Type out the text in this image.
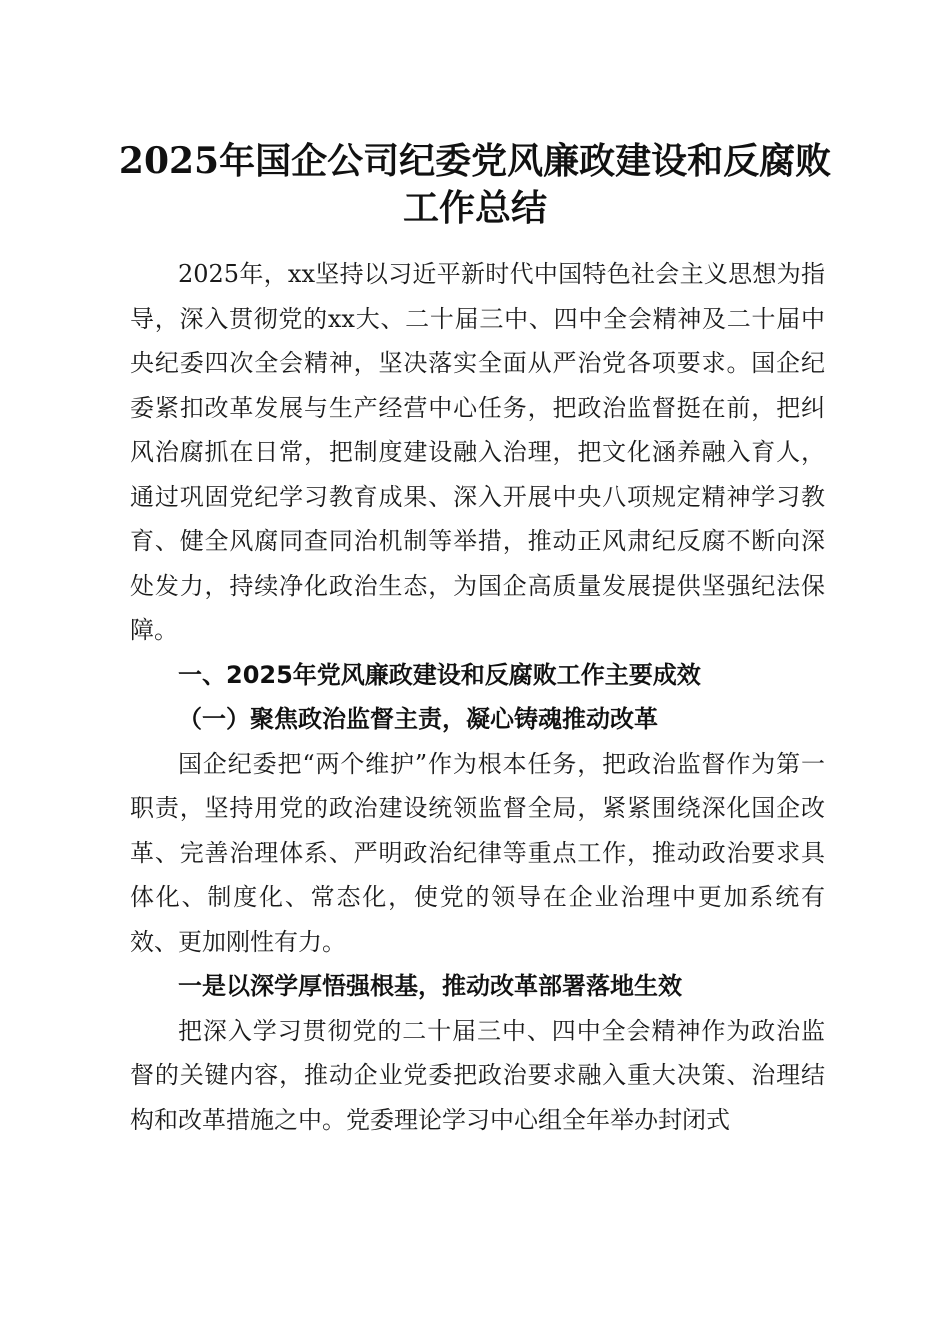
2025年国企公司纪委党风廉政建设和反腐败
工作总结

2025年，xx坚持以习近平新时代中国特色社会主义思想为指导，深入贯彻党的xx大、二十届三中、四中全会精神及二十届中央纪委四次全会精神，坚决落实全面从严治党各项要求。国企纪委紧扣改革发展与生产经营中心任务，把政治监督挺在前，把纠风治腐抓在日常，把制度建设融入治理，把文化涵养融入育人，通过巩固党纪学习教育成果、深入开展中央八项规定精神学习教育、健全风腐同查同治机制等举措，推动正风肃纪反腐不断向深处发力，持续净化政治生态，为国企高质量发展提供坚强纪法保障。

一、2025年党风廉政建设和反腐败工作主要成效

（一）聚焦政治监督主责，凝心铸魂推动改革

国企纪委把“两个维护”作为根本任务，把政治监督作为第一职责，坚持用党的政治建设统领监督全局，紧紧围绕深化国企改革、完善治理体系、严明政治纪律等重点工作，推动政治要求具体化、制度化、常态化，使党的领导在企业治理中更加系统有效、更加刚性有力。

一是以深学厚悟强根基，推动改革部署落地生效

把深入学习贯彻党的二十届三中、四中全会精神作为政治监督的关键内容，推动企业党委把政治要求融入重大决策、治理结构和改革措施之中。党委理论学习中心组全年举办封闭式
